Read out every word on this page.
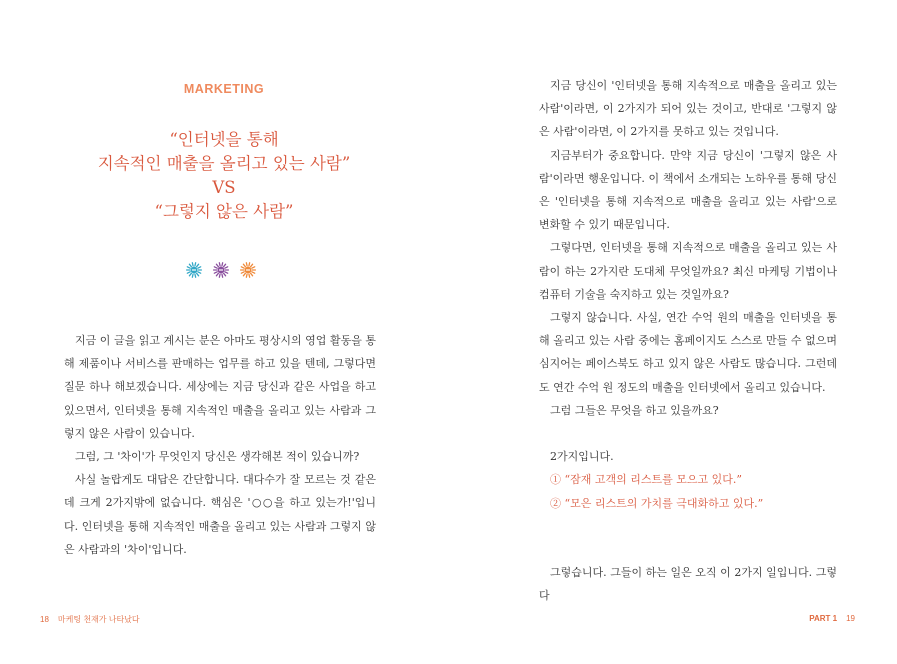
MARKETING
“인터넷을 통해
지속적인 매출을 올리고 있는 사람”
VS
“그렇지 않은 사람”

지금 이 글을 읽고 계시는 분은 아마도 평상시의 영업 활동을 통해 제품이나 서비스를 판매하는 업무를 하고 있을 텐데, 그렇다면 질문 하나 해보겠습니다. 세상에는 지금 당신과 같은 사업을 하고 있으면서, 인터넷을 통해 지속적인 매출을 올리고 있는 사람과 그렇지 않은 사람이 있습니다.

그럼, 그 '차이'가 무엇인지 당신은 생각해본 적이 있습니까?

사실 놀랍게도 대답은 간단합니다. 대다수가 잘 모르는 것 같은데 크게 2가지밖에 없습니다. 핵심은 '○○을 하고 있는가!'입니다. 인터넷을 통해 지속적인 매출을 올리고 있는 사람과 그렇지 않은 사람과의 '차이'입니다.

18 마케팅 천재가 나타났다

지금 당신이 '인터넷을 통해 지속적으로 매출을 올리고 있는 사람'이라면, 이 2가지가 되어 있는 것이고, 반대로 '그렇지 않은 사람'이라면, 이 2가지를 못하고 있는 것입니다.

지금부터가 중요합니다. 만약 지금 당신이 '그렇지 않은 사람'이라면 행운입니다. 이 책에서 소개되는 노하우를 통해 당신은 '인터넷을 통해 지속적으로 매출을 올리고 있는 사람'으로 변화할 수 있기 때문입니다.

그렇다면, 인터넷을 통해 지속적으로 매출을 올리고 있는 사람이 하는 2가지란 도대체 무엇일까요? 최신 마케팅 기법이나 컴퓨터 기술을 숙지하고 있는 것일까요?

그렇지 않습니다. 사실, 연간 수억 원의 매출을 인터넷을 통해 올리고 있는 사람 중에는 홈페이지도 스스로 만들 수 없으며 심지어는 페이스북도 하고 있지 않은 사람도 많습니다. 그런데도 연간 수억 원 정도의 매출을 인터넷에서 올리고 있습니다.

그럼 그들은 무엇을 하고 있을까요?

2가지입니다.

① “잠재 고객의 리스트를 모으고 있다.”

② “모은 리스트의 가치를 극대화하고 있다.”

그렇습니다. 그들이 하는 일은 오직 이 2가지 일입니다. 그렇다

PART 1 19
